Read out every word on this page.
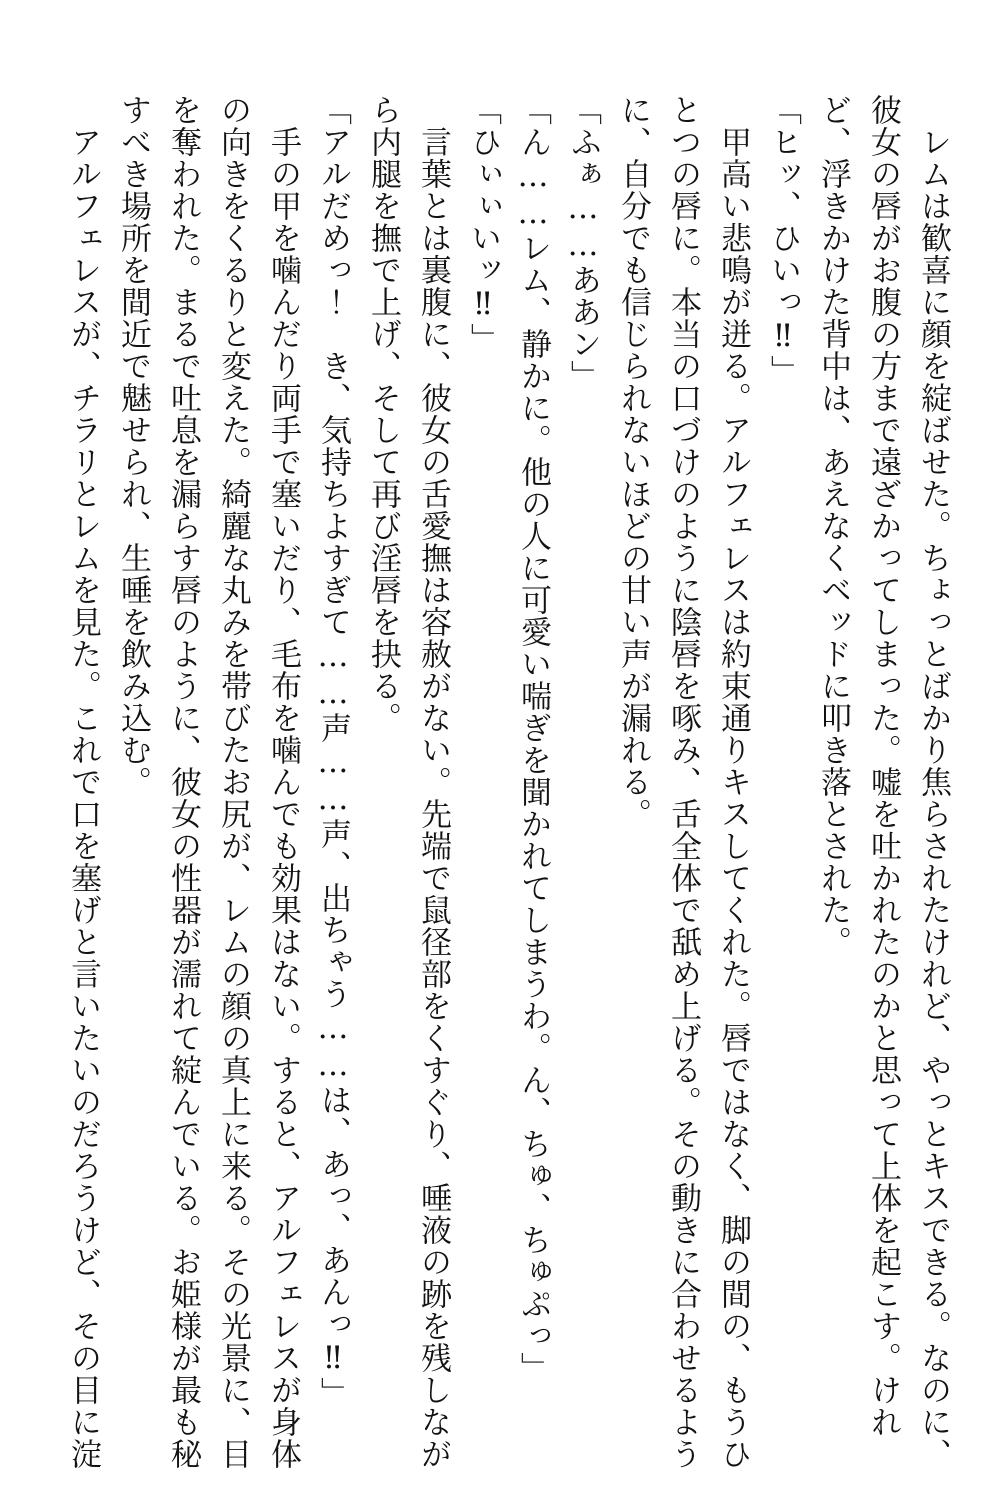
　レムは歓喜に顔を綻ばせた。ちょっとばかり焦らされたけれど、やっとキスできる。なのに、

彼女の唇がお腹の方まで遠ざかってしまった。嘘を吐かれたのかと思って上体を起こす。けれ

ど、浮きかけた背中は、あえなくベッドに叩き落とされた。

「ヒッ、ひいっ‼」

　甲高い悲鳴が迸る。アルフェレスは約束通りキスしてくれた。唇ではなく、脚の間の、もうひ

とつの唇に。本当の口づけのように陰唇を啄み、舌全体で舐め上げる。その動きに合わせるよう

に、自分でも信じられないほどの甘い声が漏れる。

「ふぁ……ああン」

「ん……レム、静かに。他の人に可愛い喘ぎを聞かれてしまうわ。ん、ちゅ、ちゅぷっ」

「ひぃぃいッ‼」

　言葉とは裏腹に、彼女の舌愛撫は容赦がない。先端で鼠径部をくすぐり、唾液の跡を残しなが

ら内腿を撫で上げ、そして再び淫唇を抉る。

「アルだめっ！　き、気持ちよすぎて……声……声、出ちゃう……は、あっ、あんっ‼」

　手の甲を噛んだり両手で塞いだり、毛布を噛んでも効果はない。すると、アルフェレスが身体

の向きをくるりと変えた。綺麗な丸みを帯びたお尻が、レムの顔の真上に来る。その光景に、目

を奪われた。まるで吐息を漏らす唇のように、彼女の性器が濡れて綻んでいる。お姫様が最も秘

すべき場所を間近で魅せられ、生唾を飲み込む。

　アルフェレスが、チラリとレムを見た。これで口を塞げと言いたいのだろうけど、その目に淀
